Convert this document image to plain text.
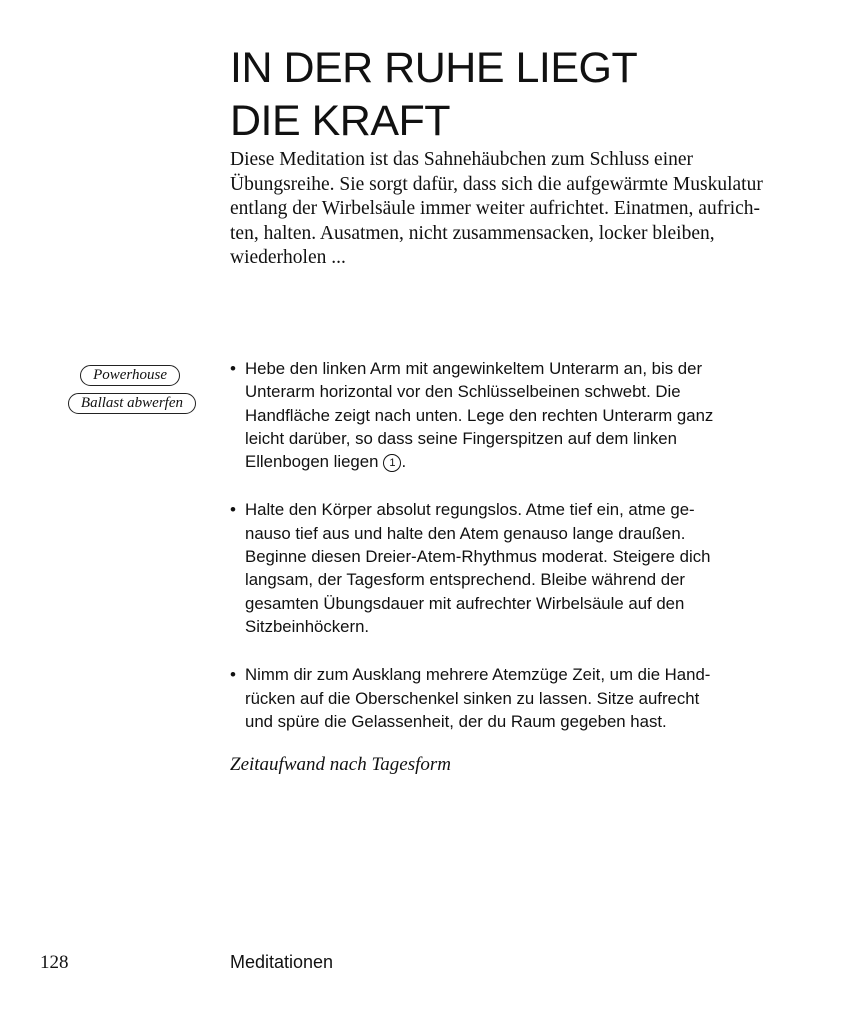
IN DER RUHE LIEGT
DIE KRAFT

Diese Meditation ist das Sahnehäubchen zum Schluss einer
Übungsreihe. Sie sorgt dafür, dass sich die aufgewärmte Muskulatur
entlang der Wirbelsäule immer weiter aufrichtet. Einatmen, aufrich-
ten, halten. Ausatmen, nicht zusammensacken, locker bleiben,
wiederholen ...

Powerhouse
Ballast abwerfen
• Hebe den linken Arm mit angewinkeltem Unterarm an, bis der
Unterarm horizontal vor den Schlüsselbeinen schwebt. Die
Handfläche zeigt nach unten. Lege den rechten Unterarm ganz
leicht darüber, so dass seine Fingerspitzen auf dem linken
Ellenbogen liegen 1 .
• Halte den Körper absolut regungslos. Atme tief ein, atme ge-
nauso tief aus und halte den Atem genauso lange draußen.
Beginne diesen Dreier-Atem-Rhythmus moderat. Steigere dich
langsam, der Tagesform entsprechend. Bleibe während der
gesamten Übungsdauer mit aufrechter Wirbelsäule auf den
Sitzbeinhöckern.
• Nimm dir zum Ausklang mehrere Atemzüge Zeit, um die Hand-
rücken auf die Oberschenkel sinken zu lassen. Sitze aufrecht
und spüre die Gelassenheit, der du Raum gegeben hast.

Zeitaufwand nach Tagesform

128	Meditationen
